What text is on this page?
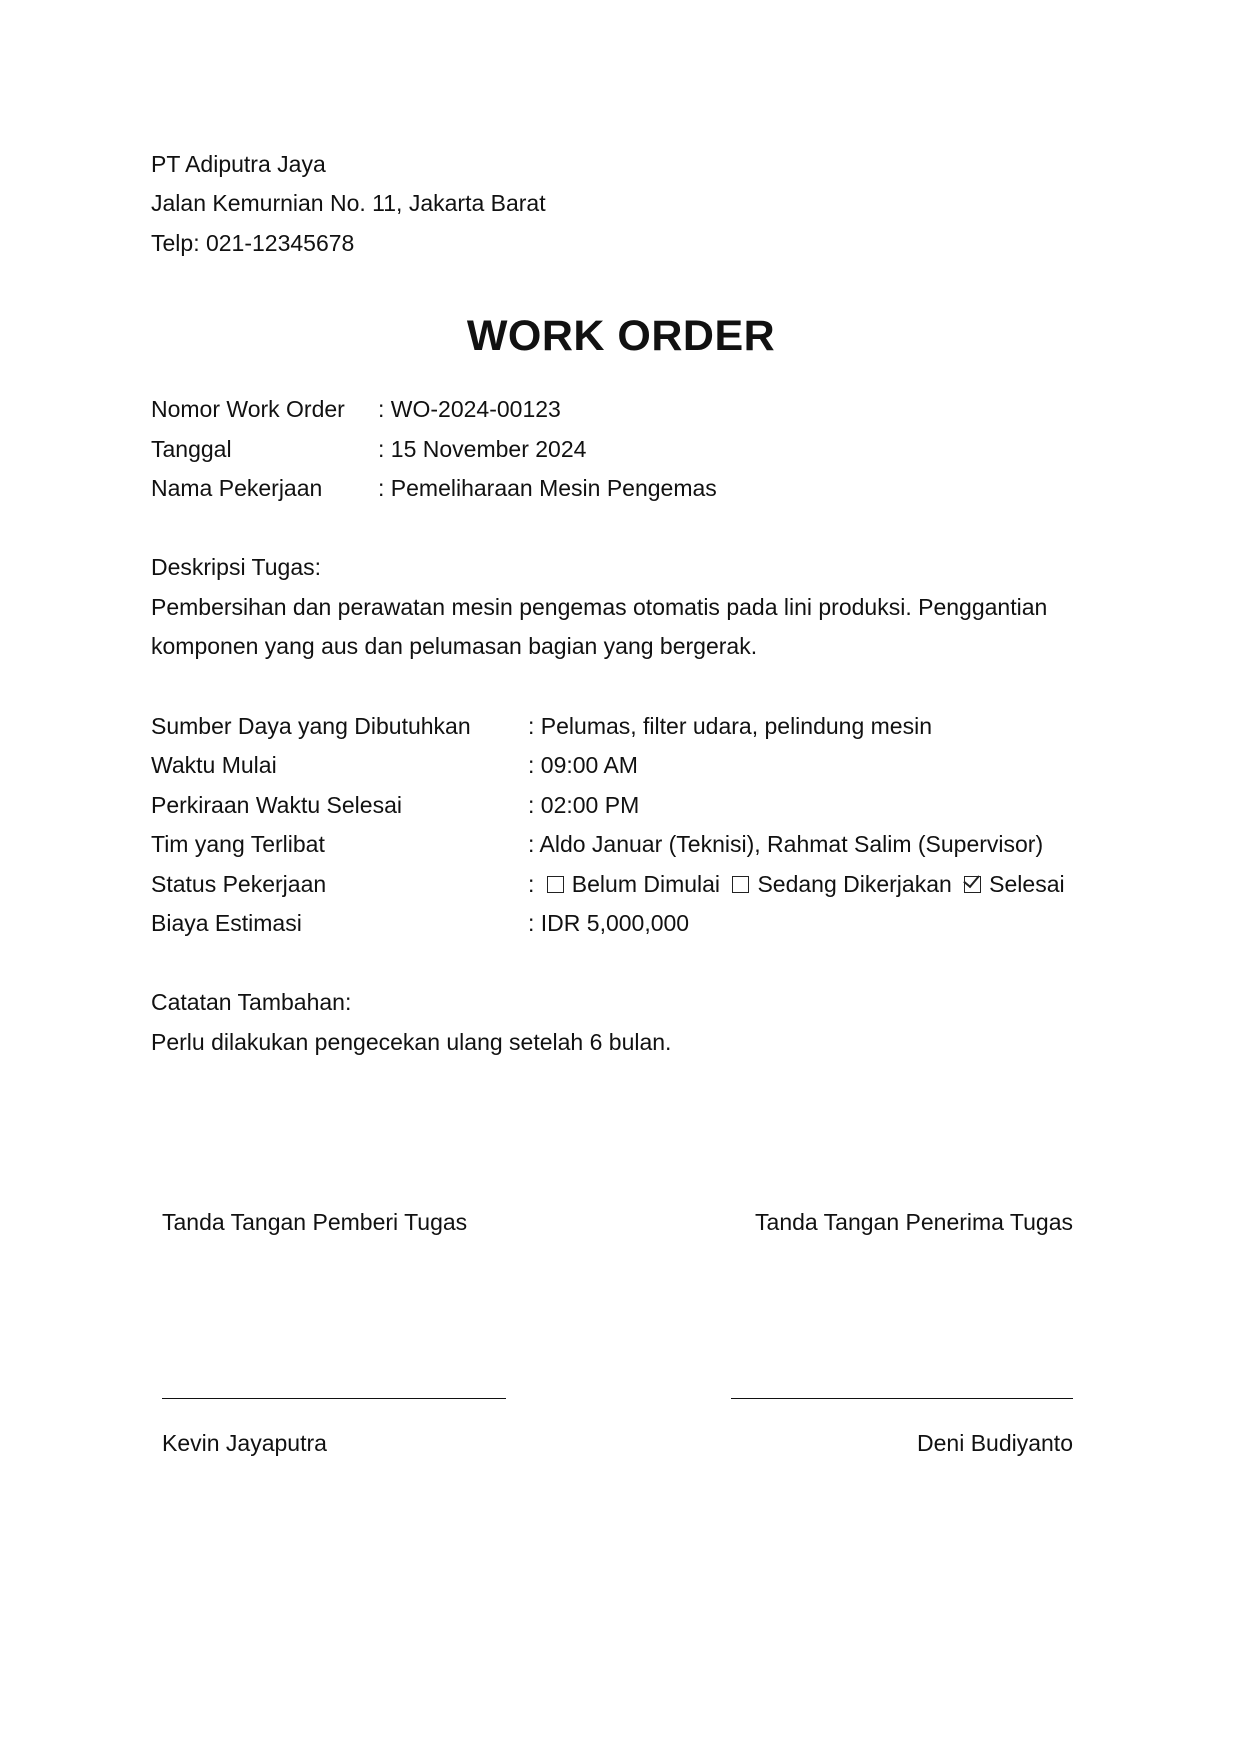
PT Adiputra Jaya
Jalan Kemurnian No. 11, Jakarta Barat
Telp: 021-12345678
WORK ORDER
Nomor Work Order : WO-2024-00123
Tanggal	: 15 November 2024
Nama Pekerjaan : Pemeliharaan Mesin Pengemas
Deskripsi Tugas:
Pembersihan dan perawatan mesin pengemas otomatis pada lini produksi. Penggantian
komponen yang aus dan pelumasan bagian yang bergerak.
Sumber Daya yang Dibutuhkan : Pelumas, filter udara, pelindung mesin
Waktu Mulai	: 09:00 AM
Perkiraan Waktu Selesai	: 02:00 PM
Tim yang Terlibat	: Aldo Januar (Teknisi), Rahmat Salim (Supervisor)
Status Pekerjaan	: Belum Dimulai Sedang Dikerjakan Selesai
Biaya Estimasi	: IDR 5,000,000
Catatan Tambahan:
Perlu dilakukan pengecekan ulang setelah 6 bulan.
Tanda Tangan Pemberi Tugas	Tanda Tangan Penerima Tugas
Kevin Jayaputra	Deni Budiyanto
